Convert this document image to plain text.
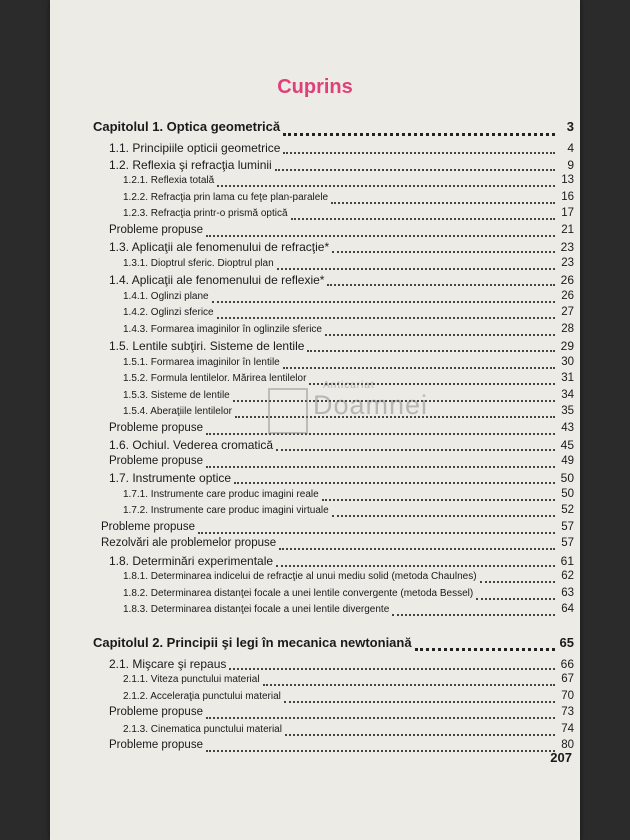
Cuprins
Capitolul 1. Optica geometrică	3
1.1. Principiile opticii geometrice	4
1.2. Reflexia şi refracţia luminii	9
1.2.1. Reflexia totală	13
1.2.2. Refracţia prin lama cu feţe plan-paralele	16
1.2.3. Refracţia printr-o prismă optică	17
Probleme propuse	21
1.3. Aplicaţii ale fenomenului de refracţie*	23
1.3.1. Dioptrul sferic. Dioptrul plan	23
1.4. Aplicaţii ale fenomenului de reflexie*	26
1.4.1. Oglinzi plane	26
1.4.2. Oglinzi sferice	27
1.4.3. Formarea imaginilor în oglinzile sferice	28
1.5. Lentile subţiri. Sisteme de lentile	29
1.5.1. Formarea imaginilor în lentile	30
1.5.2. Formula lentilelor. Mărirea lentilelor	31
1.5.3. Sisteme de lentile	34
1.5.4. Aberaţiile lentilelor	35
Probleme propuse	43
1.6. Ochiul. Vederea cromatică	45
Probleme propuse	49
1.7. Instrumente optice	50
1.7.1. Instrumente care produc imagini reale	50
1.7.2. Instrumente care produc imagini virtuale	52
Probleme propuse	57
Rezolvări ale problemelor propuse	57
1.8. Determinări experimentale	61
1.8.1. Determinarea indicelui de refracţie al unui mediu solid (metoda Chaulnes)	62
1.8.2. Determinarea distanţei focale a unei lentile convergente (metoda Bessel)	63
1.8.3. Determinarea distanţei focale a unei lentile divergente	64
Capitolul 2. Principii şi legi în mecanica newtoniană	65
2.1. Mişcare şi repaus	66
2.1.1. Viteza punctului material	67
2.1.2. Acceleraţia punctului material	70
Probleme propuse	73
2.1.3. Cinematica punctului material	74
Probleme propuse	80
Anticariat
Doamnei
207
